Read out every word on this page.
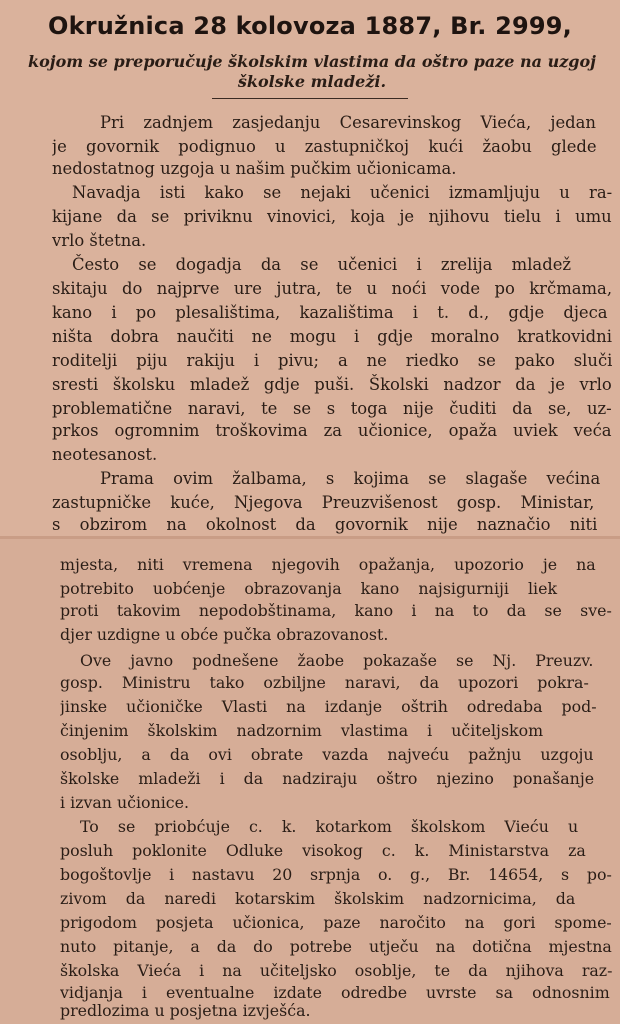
Okružnica 28 kolovoza 1887, Br. 2999,
kojom se preporučuje školskim vlastima da oštro paze na uzgoj
školske mladeži.
Pri zadnjem zasjedanju Cesarevinskog Vieća, jedan
je govornik podignuo u zastupničkoj kući žaobu glede
nedostatnog uzgoja u našim pučkim učionicama.
Navadja isti kako se nejaki učenici izmamljuju u ra-
kijane da se priviknu vinovici, koja je njihovu tielu i umu
vrlo štetna.
Često se dogadja da se učenici i zrelija mladež
skitaju do najprve ure jutra, te u noći vode po krčmama,
kano i po plesalištima, kazalištima i t. d., gdje djeca
ništa dobra naučiti ne mogu i gdje moralno kratkovidni
roditelji piju rakiju i pivu; a ne riedko se pako sluči
sresti školsku mladež gdje puši. Školski nadzor da je vrlo
problematične naravi, te se s toga nije čuditi da se, uz-
prkos ogromnim troškovima za učionice, opaža uviek veća
neotesanost.
Prama ovim žalbama, s kojima se slagaše većina
zastupničke kuće, Njegova Preuzvišenost gosp. Ministar,
s obzirom na okolnost da govornik nije naznačio niti
mjesta, niti vremena njegovih opažanja, upozorio je na
potrebito uobćenje obrazovanja kano najsigurniji liek
proti takovim nepodobštinama, kano i na to da se sve-
djer uzdigne u obće pučka obrazovanost.
Ove javno podnešene žaobe pokazaše se Nj. Preuzv.
gosp. Ministru tako ozbiljne naravi, da upozori pokra-
jinske učioničke Vlasti na izdanje oštrih odredaba pod-
činjenim školskim nadzornim vlastima i učiteljskom
osoblju, a da ovi obrate vazda najveću pažnju uzgoju
školske mladeži i da nadziraju oštro njezino ponašanje
i izvan učionice.
To se priobćuje c. k. kotarkom školskom Vieću u
posluh poklonite Odluke visokog c. k. Ministarstva za
bogoštovlje i nastavu 20 srpnja o. g., Br. 14654, s po-
zivom da naredi kotarskim školskim nadzornicima, da
prigodom posjeta učionica, paze naročito na gori spome-
nuto pitanje, a da do potrebe utječu na dotična mjestna
školska Vieća i na učiteljsko osoblje, te da njihova raz-
vidjanja i eventualne izdate odredbe uvrste sa odnosnim
predlozima u posjetna izvješća.
